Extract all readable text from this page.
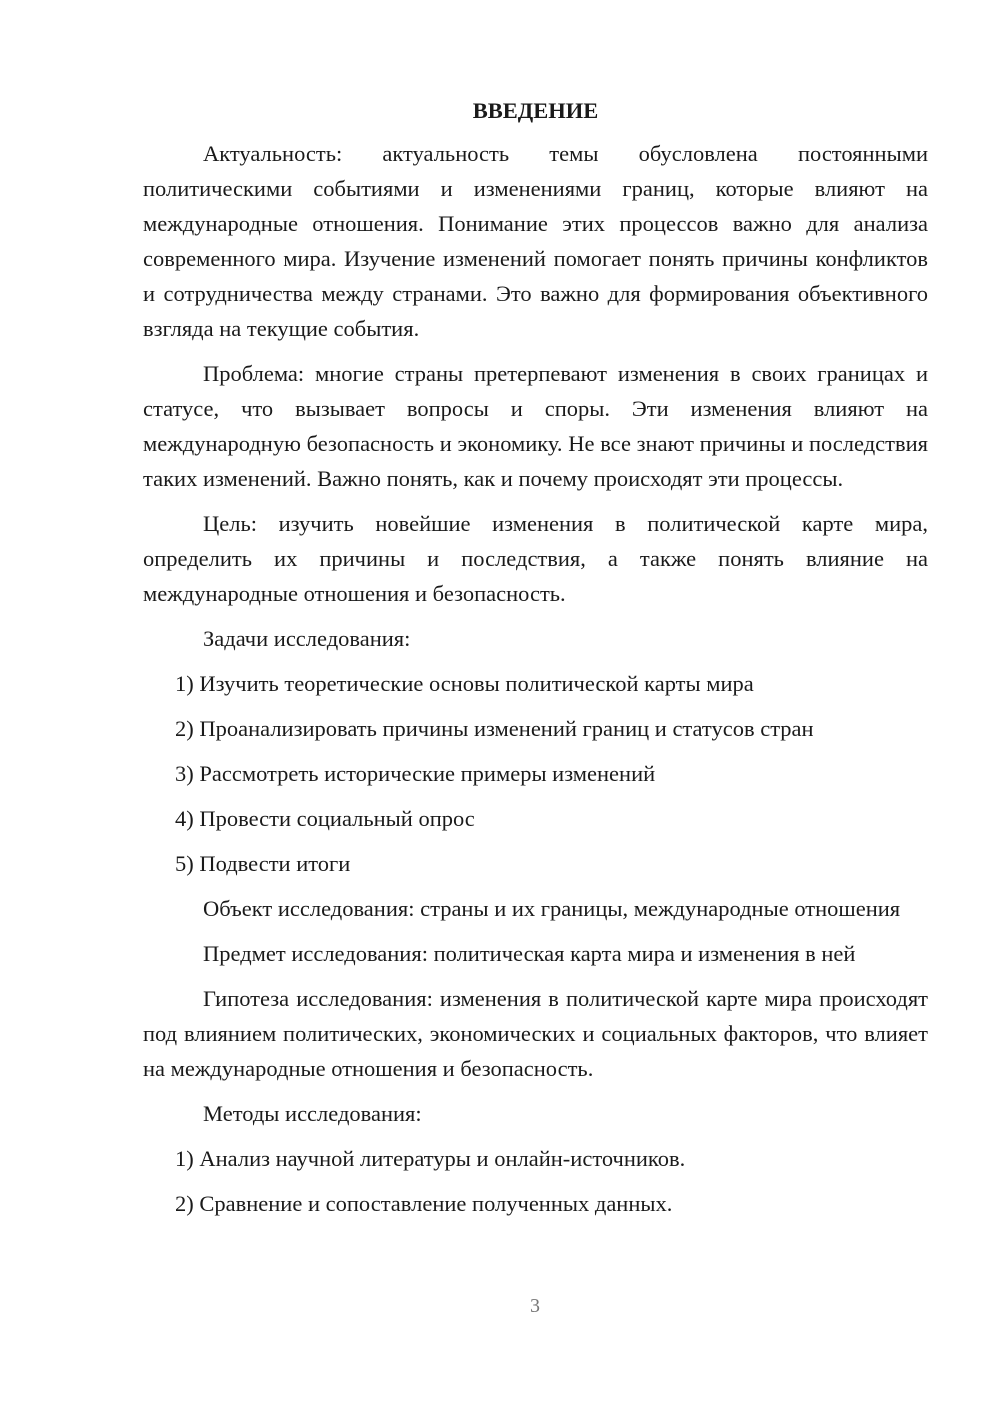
ВВЕДЕНИЕ
Актуальность: актуальность темы обусловлена постоянными политическими событиями и изменениями границ, которые влияют на международные отношения. Понимание этих процессов важно для анализа современного мира. Изучение изменений помогает понять причины конфликтов и сотрудничества между странами. Это важно для формирования объективного взгляда на текущие события.
Проблема: многие страны претерпевают изменения в своих границах и статусе, что вызывает вопросы и споры. Эти изменения влияют на международную безопасность и экономику. Не все знают причины и последствия таких изменений. Важно понять, как и почему происходят эти процессы.
Цель: изучить новейшие изменения в политической карте мира, определить их причины и последствия, а также понять влияние на международные отношения и безопасность.
Задачи исследования:
1) Изучить теоретические основы политической карты мира
2) Проанализировать причины изменений границ и статусов стран
3) Рассмотреть исторические примеры изменений
4) Провести социальный опрос
5) Подвести итоги
Объект исследования: страны и их границы, международные отношения
Предмет исследования: политическая карта мира и изменения в ней
Гипотеза исследования: изменения в политической карте мира происходят под влиянием политических, экономических и социальных факторов, что влияет на международные отношения и безопасность.
Методы исследования:
1) Анализ научной литературы и онлайн-источников.
2) Сравнение и сопоставление полученных данных.
3
